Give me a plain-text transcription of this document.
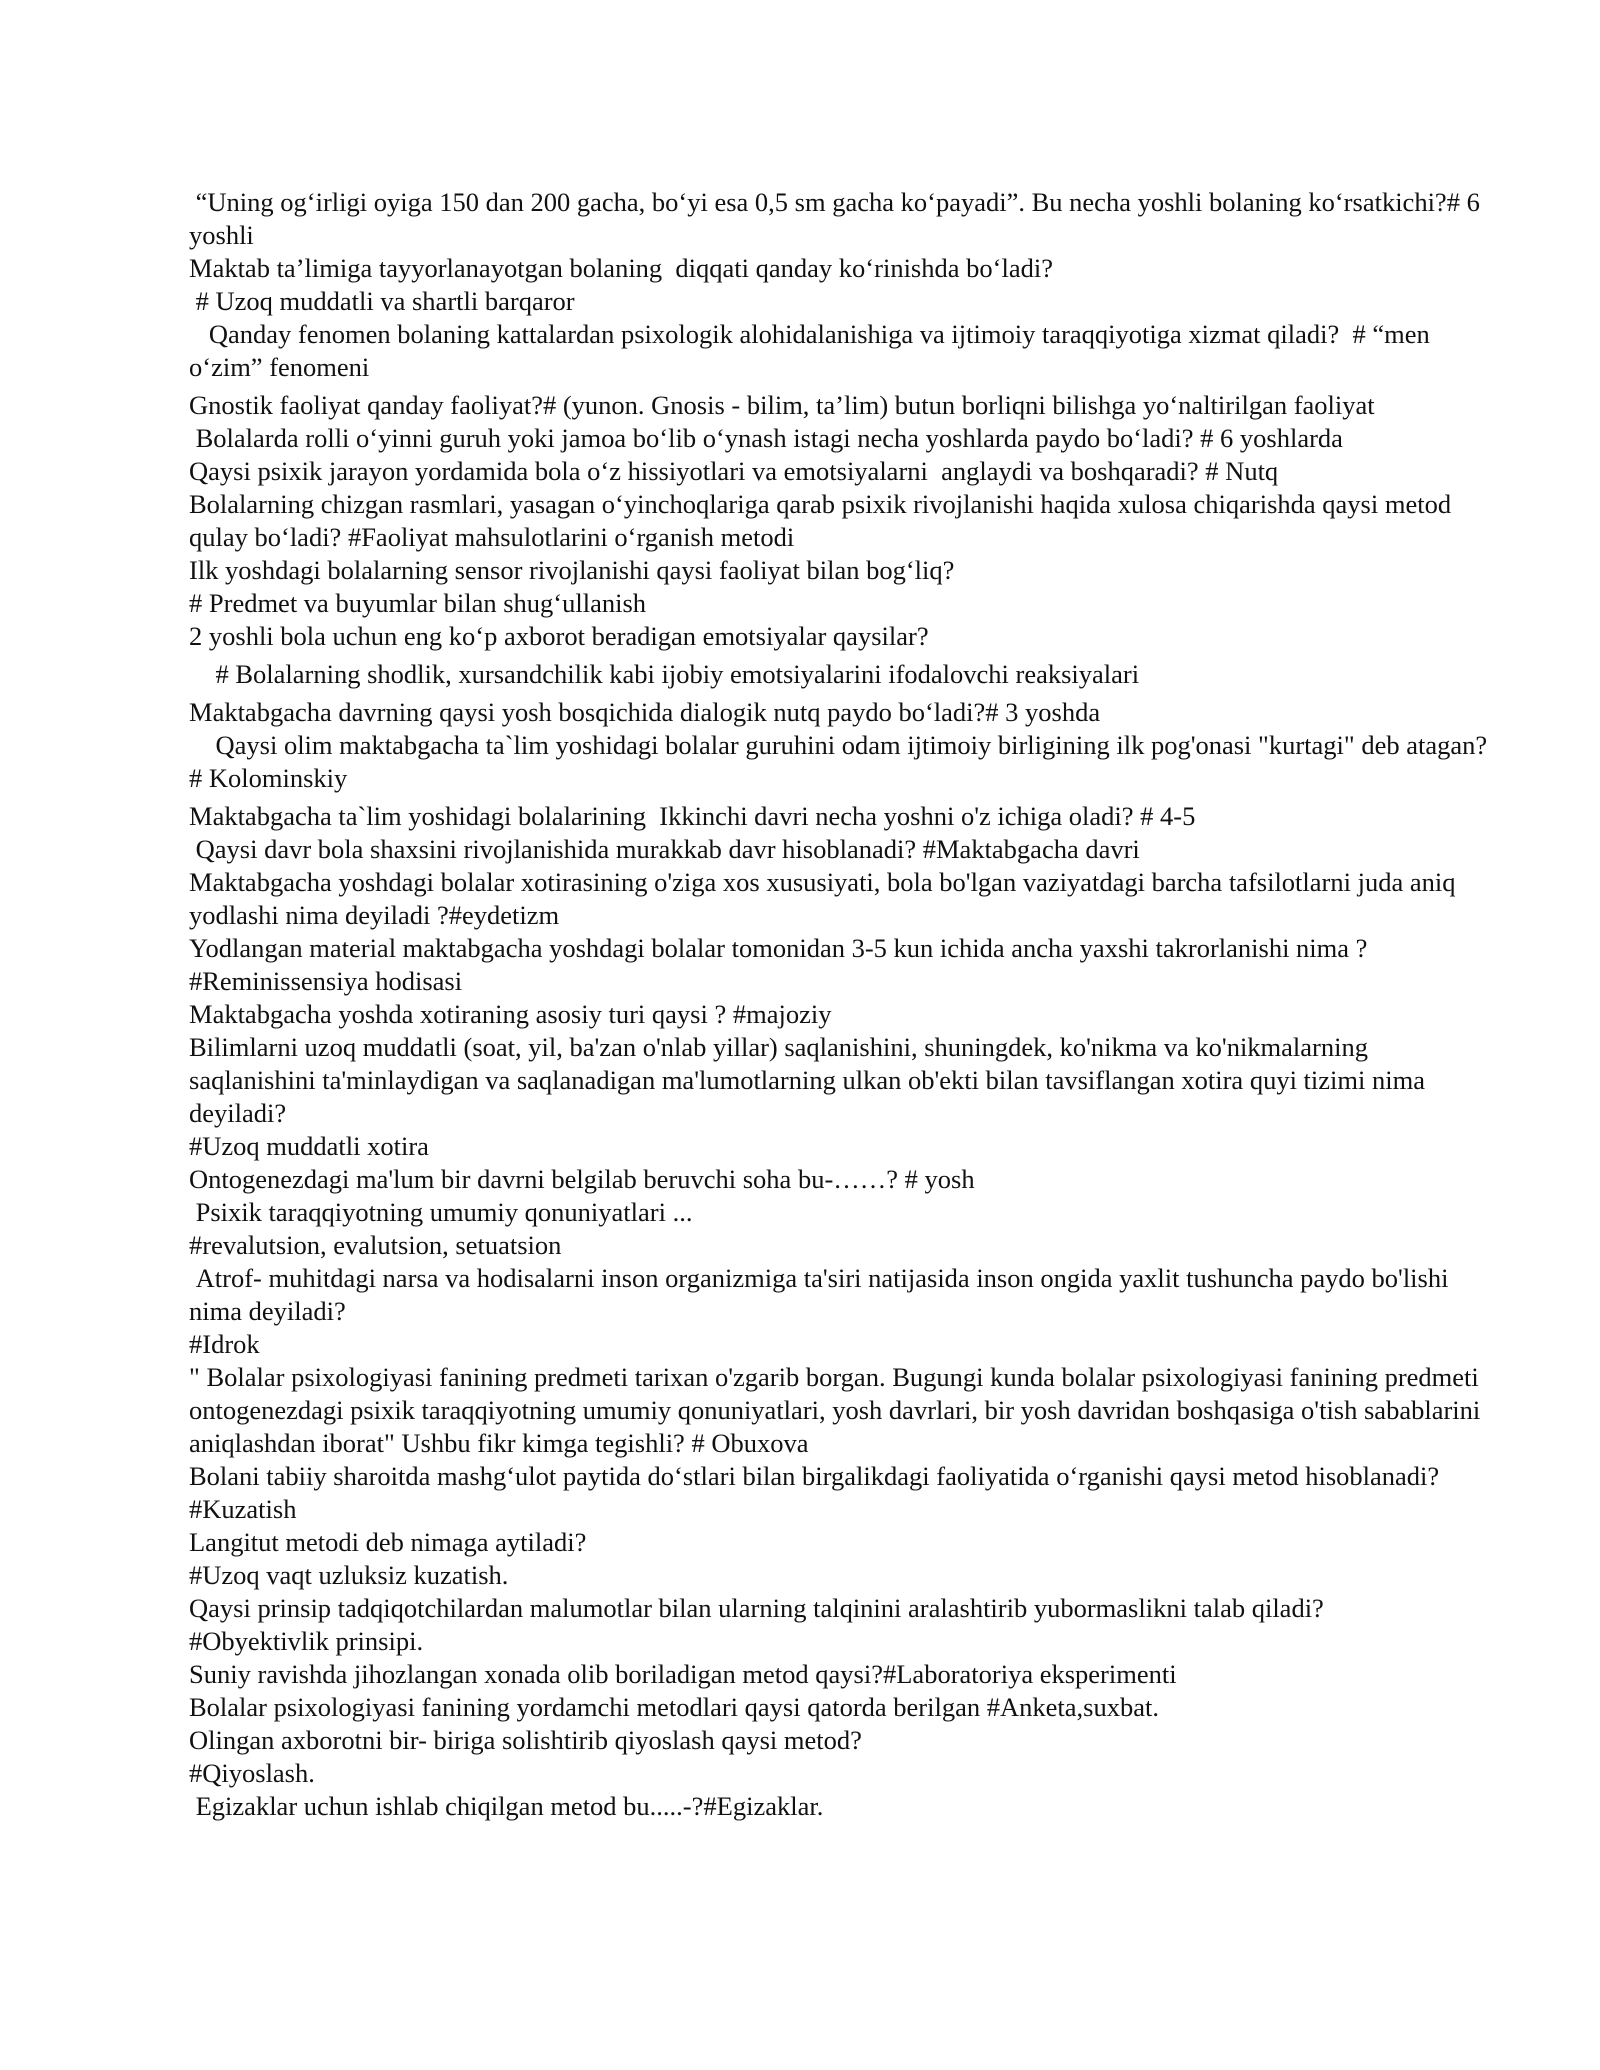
“Uning og‘irligi oyiga 150 dan 200 gacha, bo‘yi esa 0,5 sm gacha ko‘payadi”. Bu necha yoshli bolaning ko‘rsatkichi?# 6 yoshli

Maktab ta’limiga tayyorlanayotgan bolaning  diqqati qanday ko‘rinishda bo‘ladi?

# Uzoq muddatli va shartli barqaror

Qanday fenomen bolaning kattalardan psixologik alohidalanishiga va ijtimoiy taraqqiyotiga xizmat qiladi?  # “men o‘zim” fenomeni

Gnostik faoliyat qanday faoliyat?# (yunon. Gnosis - bilim, ta’lim) butun borliqni bilishga yo‘naltirilgan faoliyat

Bolalarda rolli o‘yinni guruh yoki jamoa bo‘lib o‘ynash istagi necha yoshlarda paydo bo‘ladi? # 6 yoshlarda

Qaysi psixik jarayon yordamida bola o‘z hissiyotlari va emotsiyalarni  anglaydi va boshqaradi? # Nutq

Bolalarning chizgan rasmlari, yasagan o‘yinchoqlariga qarab psixik rivojlanishi haqida xulosa chiqarishda qaysi metod qulay bo‘ladi? #Faoliyat mahsulotlarini o‘rganish metodi

Ilk yoshdagi bolalarning sensor rivojlanishi qaysi faoliyat bilan bog‘liq?

# Predmet va buyumlar bilan shug‘ullanish

2 yoshli bola uchun eng ko‘p axborot beradigan emotsiyalar qaysilar?

# Bolalarning shodlik, xursandchilik kabi ijobiy emotsiyalarini ifodalovchi reaksiyalari

Maktabgacha davrning qaysi yosh bosqichida dialogik nutq paydo bo‘ladi?# 3 yoshda

Qaysi olim maktabgacha ta`lim yoshidagi bolalar guruhini odam ijtimoiy birligining ilk pog'onasi "kurtagi" deb atagan?# Kolominskiy

Maktabgacha ta`lim yoshidagi bolalarining  Ikkinchi davri necha yoshni o'z ichiga oladi? # 4-5

Qaysi davr bola shaxsini rivojlanishida murakkab davr hisoblanadi? #Maktabgacha davri

Maktabgacha yoshdagi bolalar xotirasining o'ziga xos xususiyati, bola bo'lgan vaziyatdagi barcha tafsilotlarni juda aniq yodlashi nima deyiladi ?#eydetizm

Yodlangan material maktabgacha yoshdagi bolalar tomonidan 3-5 kun ichida ancha yaxshi takrorlanishi nima ? #Reminissensiya hodisasi

Maktabgacha yoshda xotiraning asosiy turi qaysi ? #majoziy

Bilimlarni uzoq muddatli (soat, yil, ba'zan o'nlab yillar) saqlanishini, shuningdek, ko'nikma va ko'nikmalarning saqlanishini ta'minlaydigan va saqlanadigan ma'lumotlarning ulkan ob'ekti bilan tavsiflangan xotira quyi tizimi nima deyiladi?

#Uzoq muddatli xotira

Ontogenezdagi ma'lum bir davrni belgilab beruvchi soha bu-……? # yosh

Psixik taraqqiyotning umumiy qonuniyatlari ...

#revalutsion, evalutsion, setuatsion

Atrof- muhitdagi narsa va hodisalarni inson organizmiga ta'siri natijasida inson ongida yaxlit tushuncha paydo bo'lishi nima deyiladi?

#Idrok

" Bolalar psixologiyasi fanining predmeti tarixan o'zgarib borgan. Bugungi kunda bolalar psixologiyasi fanining predmeti ontogenezdagi psixik taraqqiyotning umumiy qonuniyatlari, yosh davrlari, bir yosh davridan boshqasiga o'tish sabablarini aniqlashdan iborat" Ushbu fikr kimga tegishli? # Obuxova

Bolani tabiiy sharoitda mashg‘ulot paytida do‘stlari bilan birgalikdagi faoliyatida o‘rganishi qaysi metod hisoblanadi?

#Kuzatish

Langitut metodi deb nimaga aytiladi?

#Uzoq vaqt uzluksiz kuzatish.

Qaysi prinsip tadqiqotchilardan malumotlar bilan ularning talqinini aralashtirib yubormaslikni talab qiladi?

#Obyektivlik prinsipi.

Suniy ravishda jihozlangan xonada olib boriladigan metod qaysi?#Laboratoriya eksperimenti

Bolalar psixologiyasi fanining yordamchi metodlari qaysi qatorda berilgan #Anketa,suxbat.

Olingan axborotni bir- biriga solishtirib qiyoslash qaysi metod?

#Qiyoslash.

Egizaklar uchun ishlab chiqilgan metod bu.....-?#Egizaklar.
